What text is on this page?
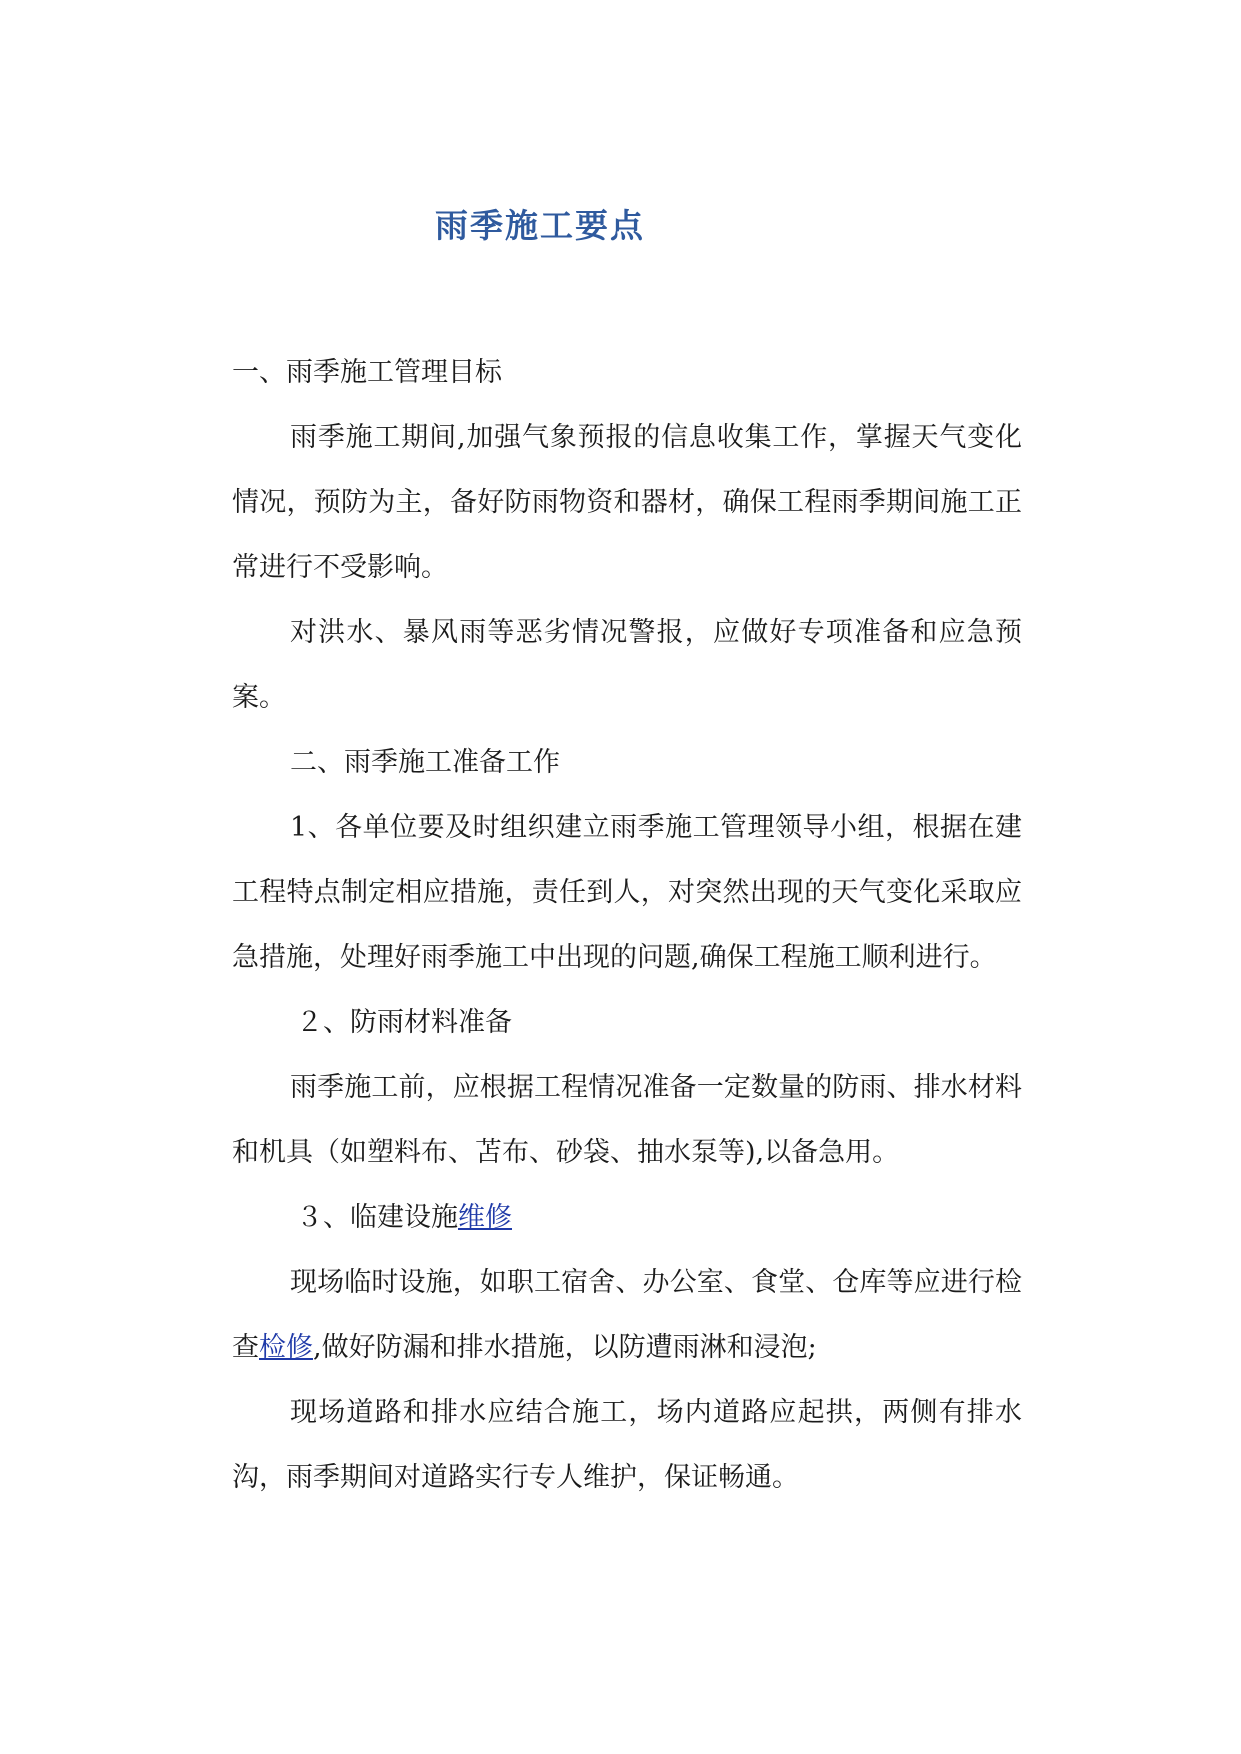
雨季施工要点

一、雨季施工管理目标

雨季施工期间,加强气象预报的信息收集工作，掌握天气变化情况，预防为主，备好防雨物资和器材，确保工程雨季期间施工正常进行不受影响。

对洪水、暴风雨等恶劣情况警报，应做好专项准备和应急预案。

二、雨季施工准备工作

1、各单位要及时组织建立雨季施工管理领导小组，根据在建工程特点制定相应措施，责任到人，对突然出现的天气变化采取应急措施，处理好雨季施工中出现的问题,确保工程施工顺利进行。

２、防雨材料准备

雨季施工前，应根据工程情况准备一定数量的防雨、排水材料和机具（如塑料布、苫布、砂袋、抽水泵等),以备急用。

３、临建设施维修

现场临时设施，如职工宿舍、办公室、食堂、仓库等应进行检查检修,做好防漏和排水措施，以防遭雨淋和浸泡;

现场道路和排水应结合施工，场内道路应起拱，两侧有排水沟，雨季期间对道路实行专人维护，保证畅通。
